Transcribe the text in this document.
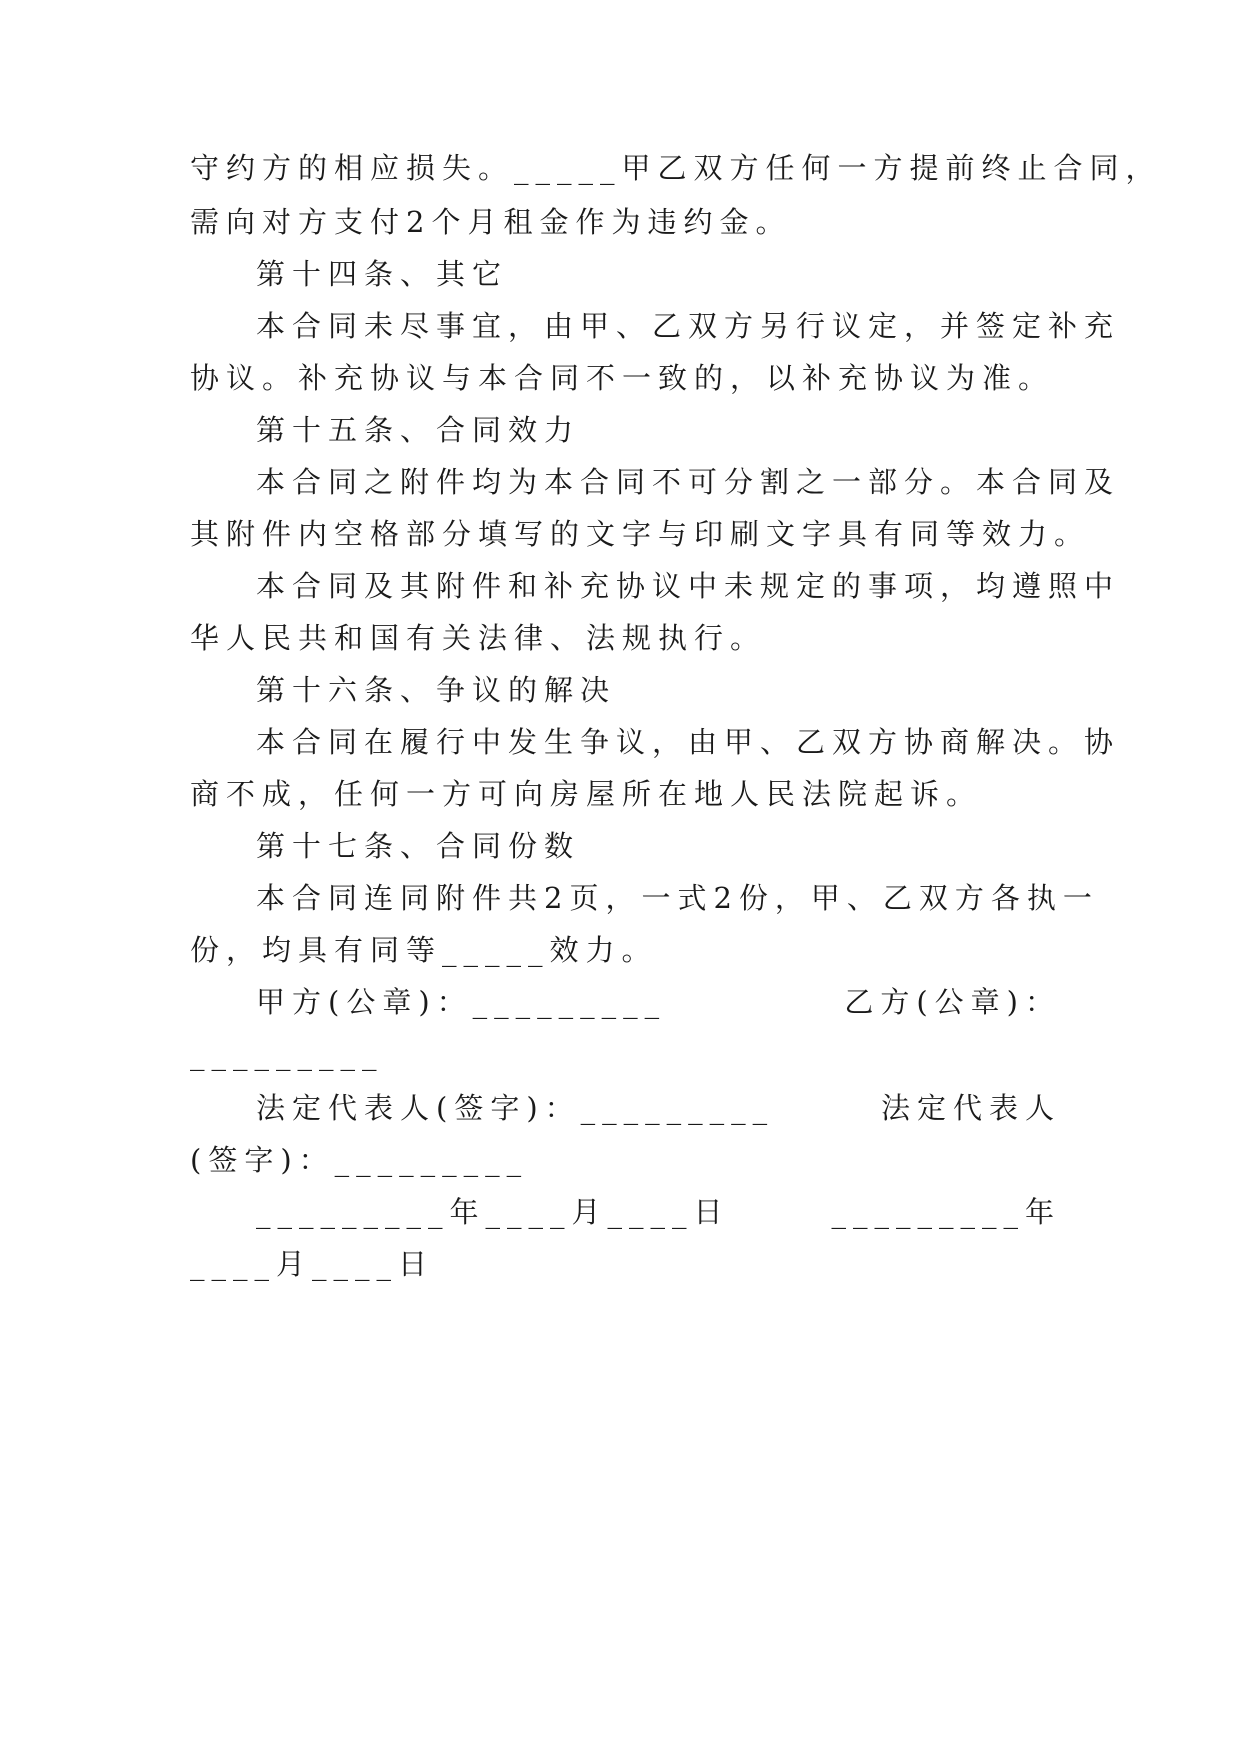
守约方的相应损失。_____甲乙双方任何一方提前终止合同，
需向对方支付2个月租金作为违约金。
第十四条、其它
本合同未尽事宜，由甲、乙双方另行议定，并签定补充
协议。补充协议与本合同不一致的，以补充协议为准。
第十五条、合同效力
本合同之附件均为本合同不可分割之一部分。本合同及
其附件内空格部分填写的文字与印刷文字具有同等效力。
本合同及其附件和补充协议中未规定的事项，均遵照中
华人民共和国有关法律、法规执行。
第十六条、争议的解决
本合同在履行中发生争议，由甲、乙双方协商解决。协
商不成，任何一方可向房屋所在地人民法院起诉。
第十七条、合同份数
本合同连同附件共2页，一式2份，甲、乙双方各执一
份，均具有同等_____效力。
甲方(公章)：_________	乙方(公章)：
_________
法定代表人(签字)：_________	法定代表人
(签字)：_________
_________年____月____日	_________年
____月____日
